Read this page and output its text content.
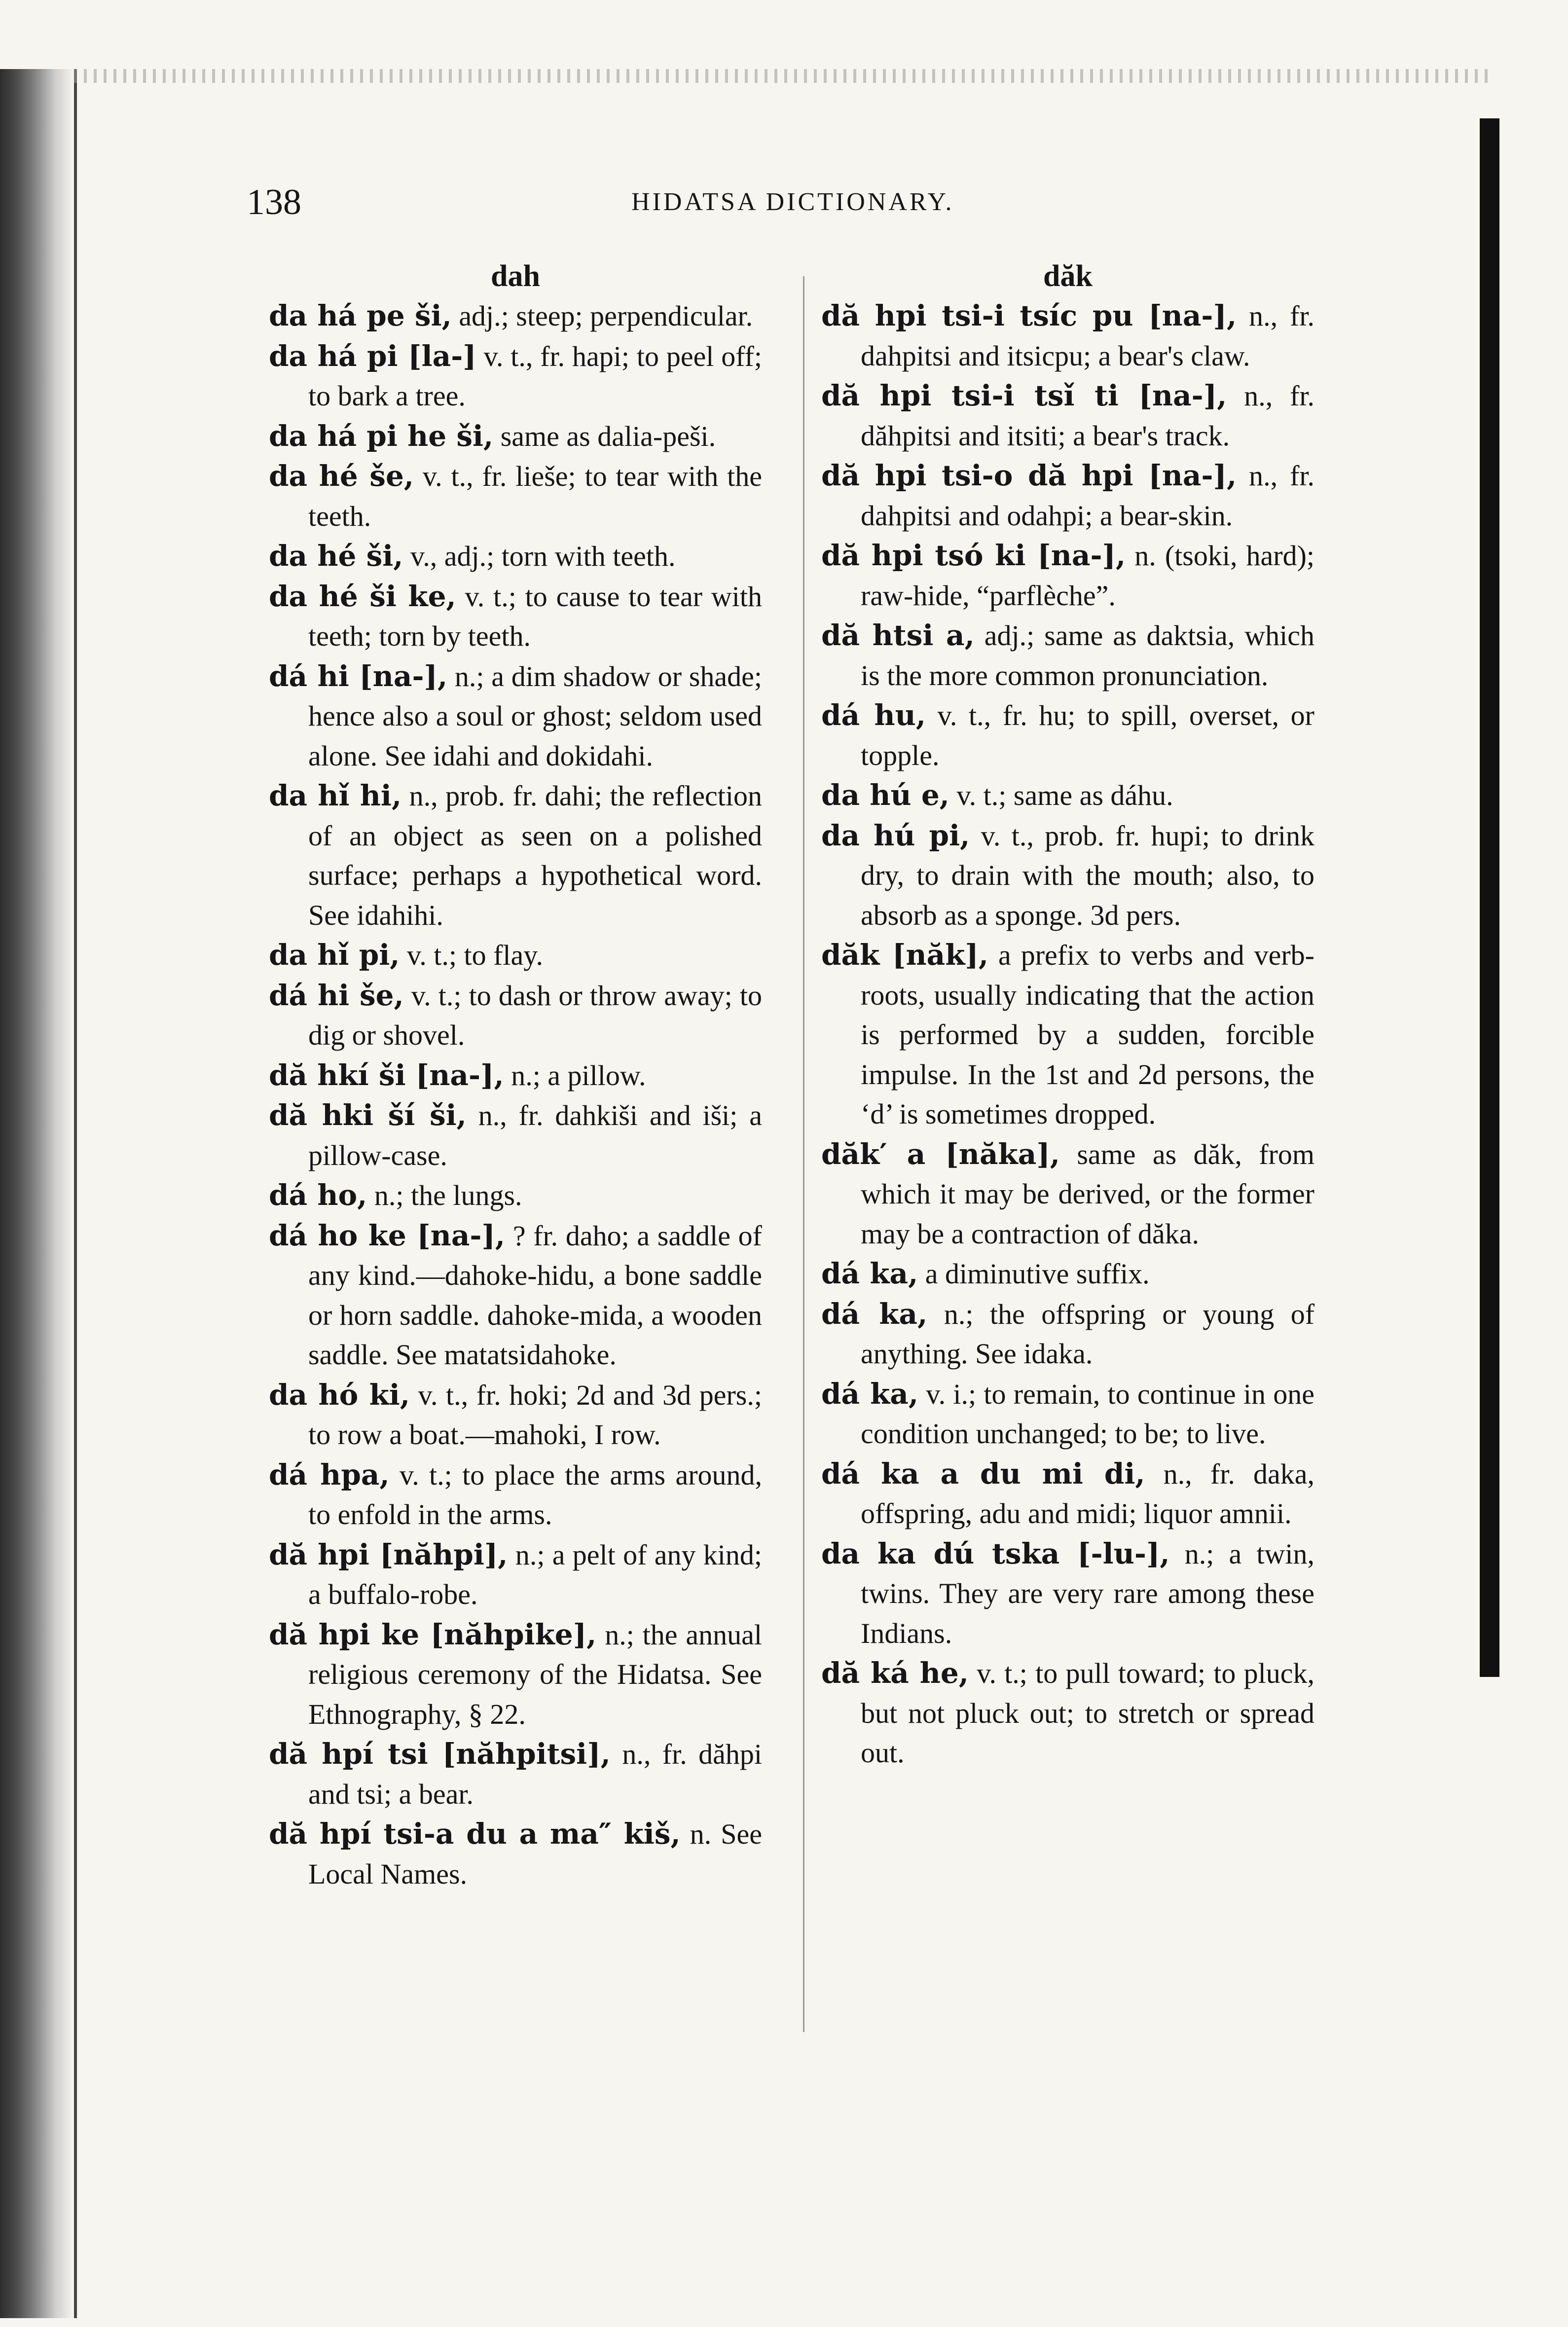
138	HIDATSA DICTIONARY.
dah
da há pe ši, adj.; steep; perpendicular.
da há pi [la-] v. t., fr. hapi; to peel off; to bark a tree.
da há pi he ši, same as dalia-peši.
da hé še, v. t., fr. lieše; to tear with the teeth.
da hé ši, v., adj.; torn with teeth.
da hé ši ke, v. t.; to cause to tear with teeth; torn by teeth.
dá hi [na-], n.; a dim shadow or shade; hence also a soul or ghost; seldom used alone. See idahi and dokidahi.
da hǐ hi, n., prob. fr. dahi; the reflection of an object as seen on a polished surface; perhaps a hypothetical word. See idahihi.
da hǐ pi, v. t.; to flay.
dá hi še, v. t.; to dash or throw away; to dig or shovel.
dă hkí ši [na-], n.; a pillow.
dă hki ší ši, n., fr. dahkiši and iši; a pillow-case.
dá ho, n.; the lungs.
dá ho ke [na-], ? fr. daho; a saddle of any kind.—dahoke-hidu, a bone saddle or horn saddle. dahoke-mida, a wooden saddle. See matatsidahoke.
da hó ki, v. t., fr. hoki; 2d and 3d pers.; to row a boat.—mahoki, I row.
dá hpa, v. t.; to place the arms around, to enfold in the arms.
dă hpi [năhpi], n.; a pelt of any kind; a buffalo-robe.
dă hpi ke [năhpike], n.; the annual religious ceremony of the Hidatsa. See Ethnography, § 22.
dă hpí tsi [năhpitsi], n., fr. dăhpi and tsi; a bear.
dă hpí tsi-a du a ma″ kiš, n. See Local Names.
dăk
dă hpi tsi-i tsíc pu [na-], n., fr. dahpitsi and itsicpu; a bear's claw.
dă hpi tsi-i tsǐ ti [na-], n., fr. dăhpitsi and itsiti; a bear's track.
dă hpi tsi-o dă hpi [na-], n., fr. dahpitsi and odahpi; a bear-skin.
dă hpi tsó ki [na-], n. (tsoki, hard); raw-hide, “parflèche”.
dă htsi a, adj.; same as daktsia, which is the more common pronunciation.
dá hu, v. t., fr. hu; to spill, overset, or topple.
da hú e, v. t.; same as dáhu.
da hú pi, v. t., prob. fr. hupi; to drink dry, to drain with the mouth; also, to absorb as a sponge. 3d pers.
dăk [năk], a prefix to verbs and verb-roots, usually indicating that the action is performed by a sudden, forcible impulse. In the 1st and 2d persons, the ‘d’ is sometimes dropped.
dăk′ a [năka], same as dăk, from which it may be derived, or the former may be a contraction of dăka.
dá ka, a diminutive suffix.
dá ka, n.; the offspring or young of anything. See idaka.
dá ka, v. i.; to remain, to continue in one condition unchanged; to be; to live.
dá ka a du mi di, n., fr. daka, offspring, adu and midi; liquor amnii.
da ka dú tska [-lu-], n.; a twin, twins. They are very rare among these Indians.
dă ká he, v. t.; to pull toward; to pluck, but not pluck out; to stretch or spread out.
